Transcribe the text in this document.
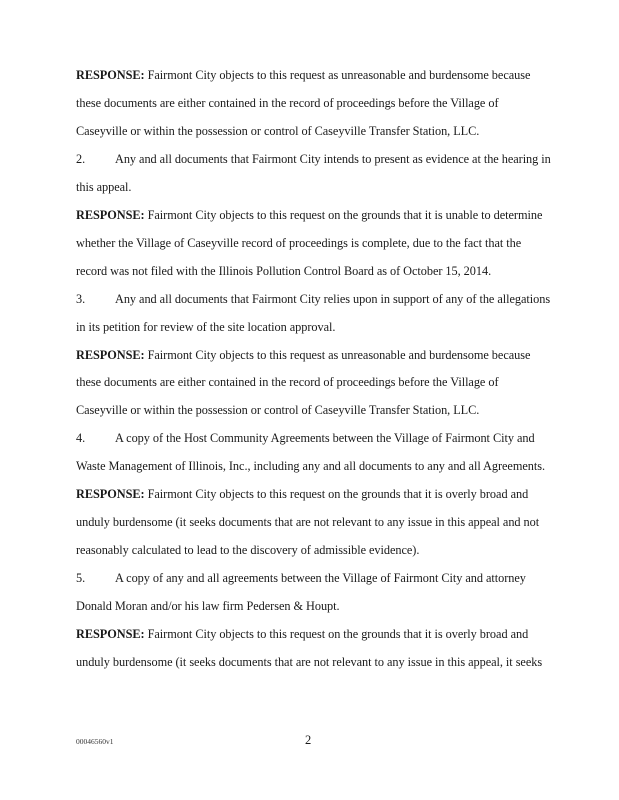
RESPONSE: Fairmont City objects to this request as unreasonable and burdensome because
these documents are either contained in the record of proceedings before the Village of
Caseyville or within the possession or control of Caseyville Transfer Station, LLC.
2. Any and all documents that Fairmont City intends to present as evidence at the hearing in
this appeal.
RESPONSE: Fairmont City objects to this request on the grounds that it is unable to determine
whether the Village of Caseyville record of proceedings is complete, due to the fact that the
record was not filed with the Illinois Pollution Control Board as of October 15, 2014.
3. Any and all documents that Fairmont City relies upon in support of any of the allegations
in its petition for review of the site location approval.
RESPONSE: Fairmont City objects to this request as unreasonable and burdensome because
these documents are either contained in the record of proceedings before the Village of
Caseyville or within the possession or control of Caseyville Transfer Station, LLC.
4. A copy of the Host Community Agreements between the Village of Fairmont City and
Waste Management of Illinois, Inc., including any and all documents to any and all Agreements.
RESPONSE: Fairmont City objects to this request on the grounds that it is overly broad and
unduly burdensome (it seeks documents that are not relevant to any issue in this appeal and not
reasonably calculated to lead to the discovery of admissible evidence).
5. A copy of any and all agreements between the Village of Fairmont City and attorney
Donald Moran and/or his law firm Pedersen & Houpt.
RESPONSE: Fairmont City objects to this request on the grounds that it is overly broad and
unduly burdensome (it seeks documents that are not relevant to any issue in this appeal, it seeks
00046560v1	2
